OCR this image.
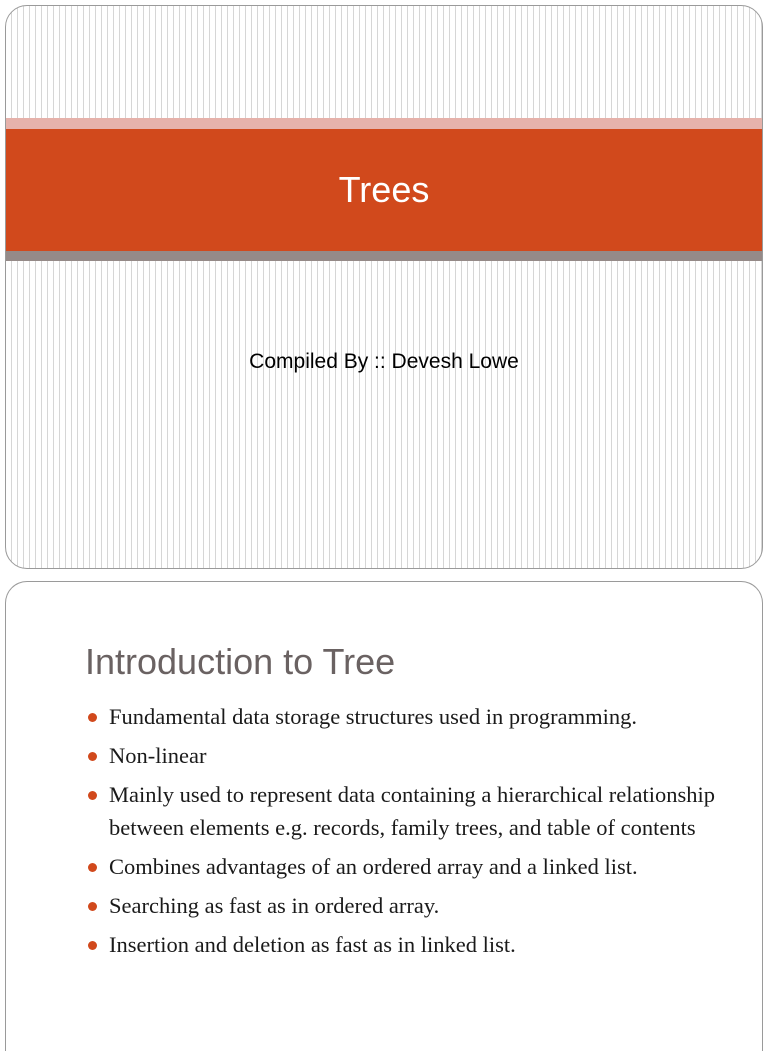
Trees
Compiled By :: Devesh Lowe
Introduction to Tree
Fundamental data storage structures used in programming.
Non-linear
Mainly used to represent data containing a hierarchical relationship between elements e.g. records, family trees, and table of contents
Combines advantages of an ordered array and a linked list.
Searching as fast as in ordered array.
Insertion and deletion as fast as in linked list.
